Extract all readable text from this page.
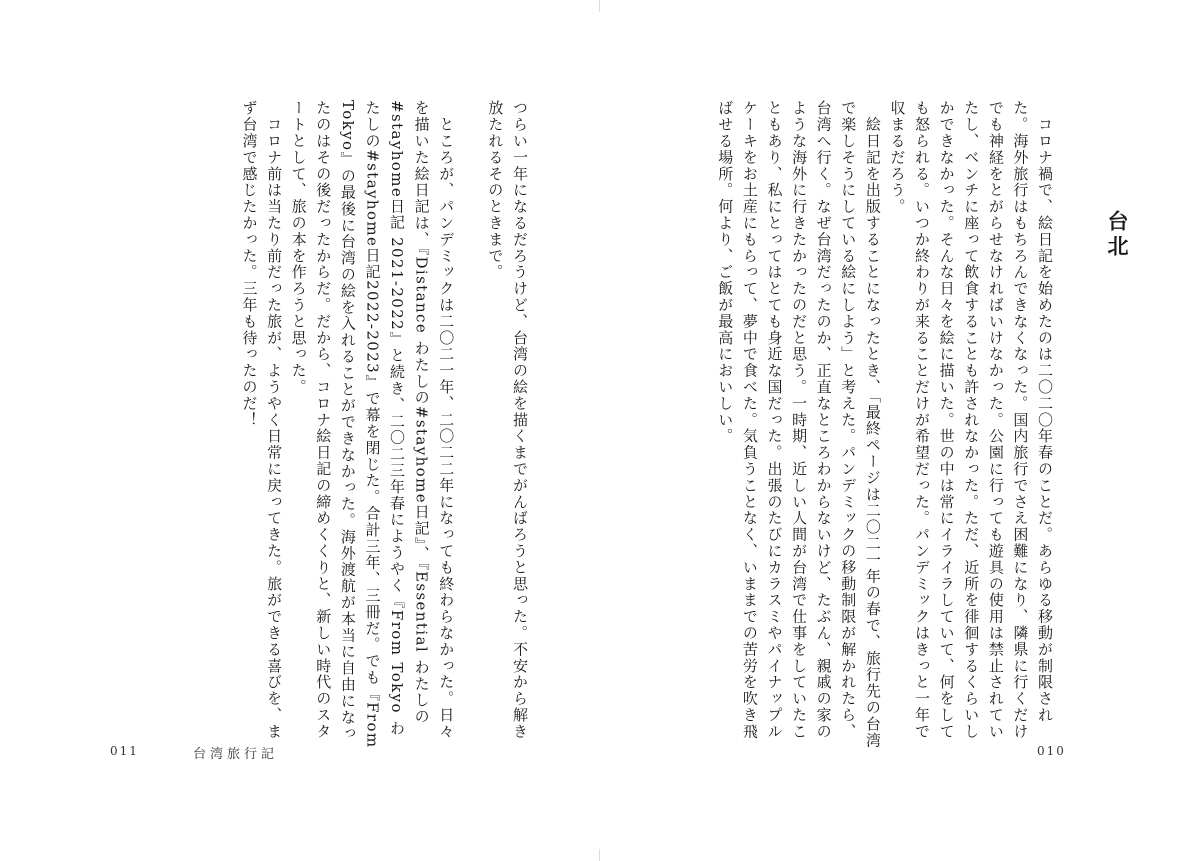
台北
　コロナ禍で、絵日記を始めたのは二〇二〇年春のことだ。あらゆる移動が制限された。海外旅行はもちろんできなくなった。国内旅行でさえ困難になり、隣県に行くだけでも神経をとがらせなければいけなかった。公園に行っても遊具の使用は禁止されていたし、ベンチに座って飲食することも許されなかった。ただ、近所を徘徊するくらいしかできなかった。そんな日々を絵に描いた。世の中は常にイライラしていて、何をしても怒られる。いつか終わりが来ることだけが希望だった。パンデミックはきっと一年で収まるだろう。
　絵日記を出版することになったとき、「最終ページは二〇二一年の春で、旅行先の台湾で楽しそうにしている絵にしよう」と考えた。パンデミックの移動制限が解かれたら、台湾へ行く。なぜ台湾だったのか、正直なところわからないけど、たぶん、親戚の家のような海外に行きたかったのだと思う。一時期、近しい人間が台湾で仕事をしていたこともあり、私にとってはとても身近な国だった。出張のたびにカラスミやパイナップルケーキをお土産にもらって、夢中で食べた。気負うことなく、いままでの苦労を吹き飛ばせる場所。何より、ご飯が最高においしい。
010
つらい一年になるだろうけど、台湾の絵を描くまでがんばろうと思った。不安から解き放たれるそのときまで。

　ところが、パンデミックは二〇二一年、二〇二二年になっても終わらなかった。日々を描いた絵日記は、『Distance わたしの#stayhome日記』、『Essential わたしの#stayhome日記 2021-2022』と続き、二〇二三年春にようやく『From Tokyo わたしの#stayhome日記2022-2023』で幕を閉じた。合計三年、三冊だ。でも『From Tokyo』の最後に台湾の絵を入れることができなかった。海外渡航が本当に自由になったのはその後だったからだ。だから、コロナ絵日記の締めくくりと、新しい時代のスタートとして、旅の本を作ろうと思った。
　コロナ前は当たり前だった旅が、ようやく日常に戻ってきた。旅ができる喜びを、まず台湾で感じたかった。三年も待ったのだ！
011	台湾旅行記
